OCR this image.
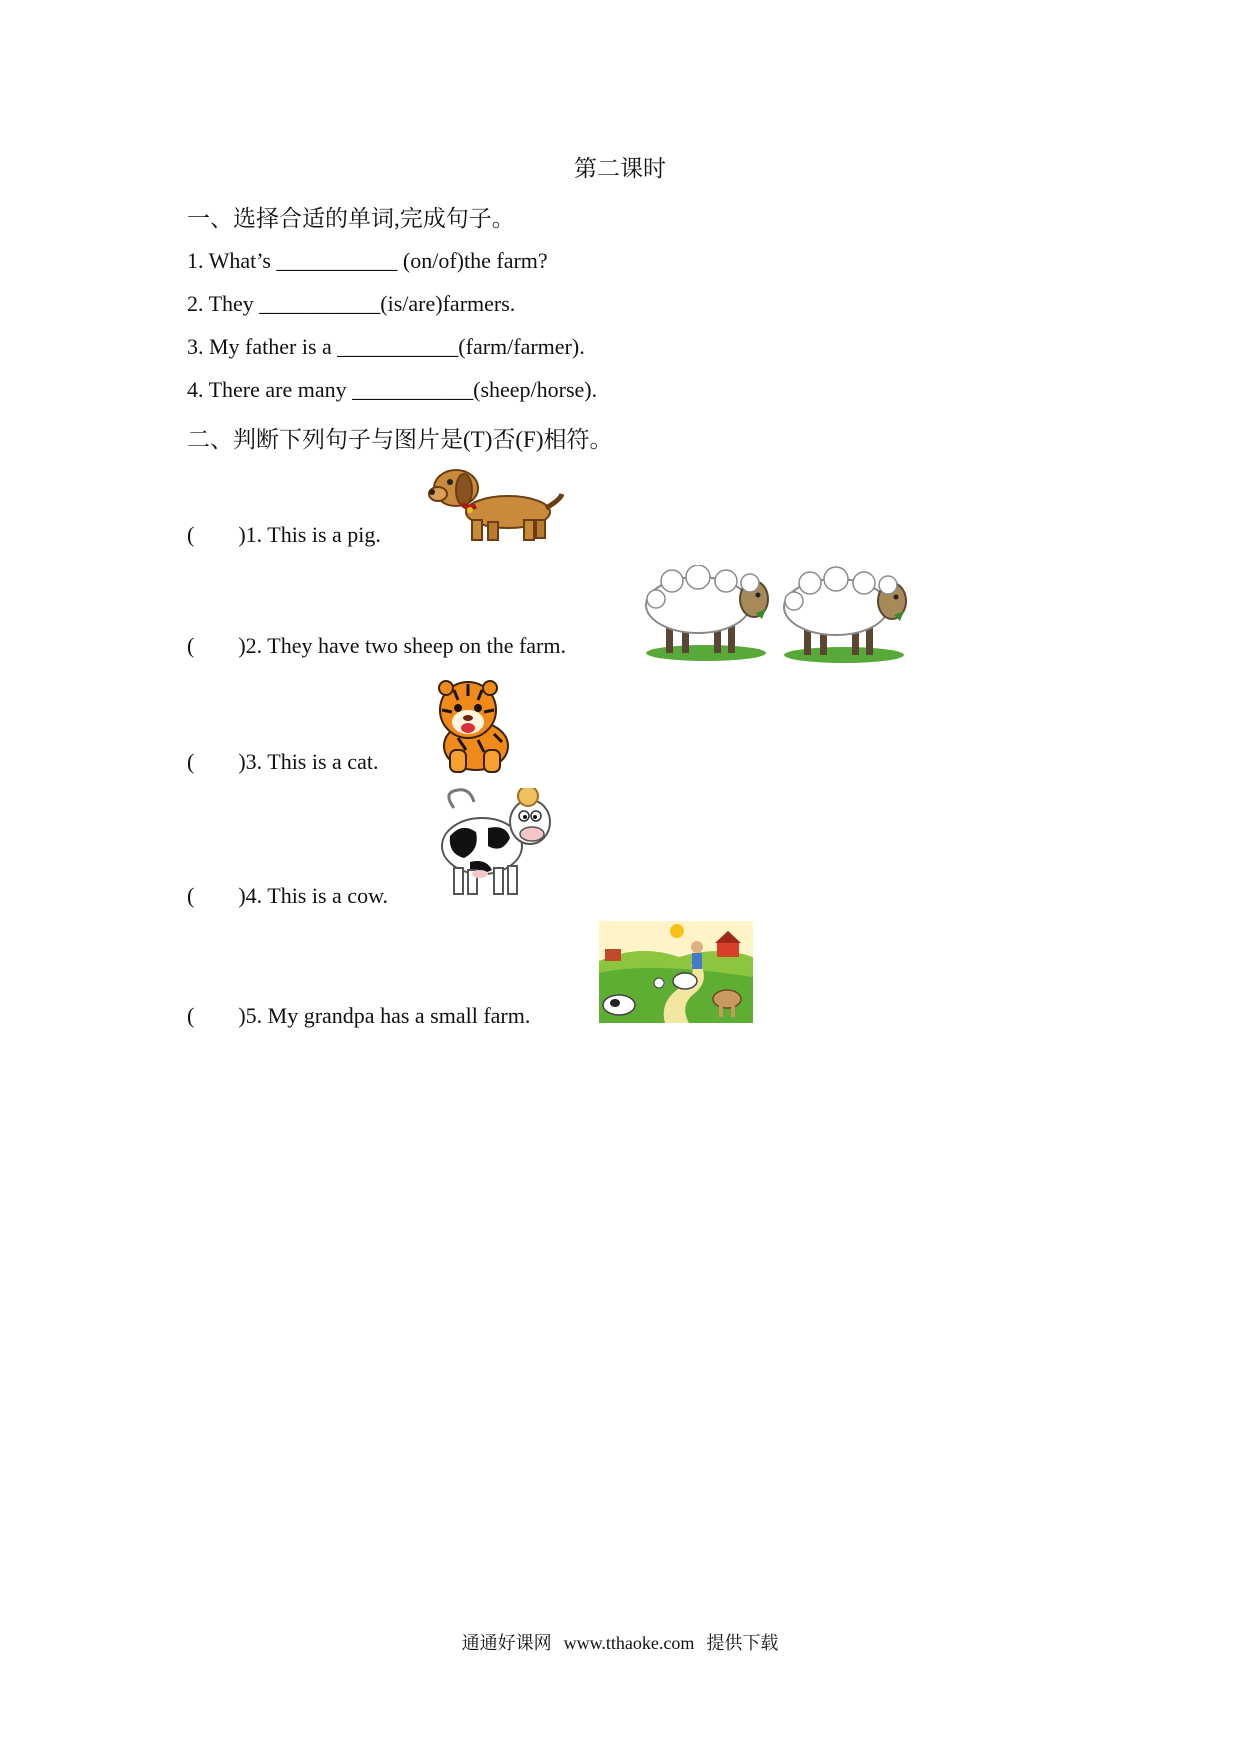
第二课时
一、选择合适的单词,完成句子。
1. What’s ___________ (on/of)the farm?
2. They ___________(is/are)farmers.
3. My father is a ___________(farm/farmer).
4. There are many ___________(sheep/horse).
二、判断下列句子与图片是(T)否(F)相符。
(        )1. This is a pig.
(        )2. They have two sheep on the farm.
(        )3. This is a cat.
(        )4. This is a cow.
(        )5. My grandpa has a small farm.
通通好课网 www.tthaoke.com 提供下载
